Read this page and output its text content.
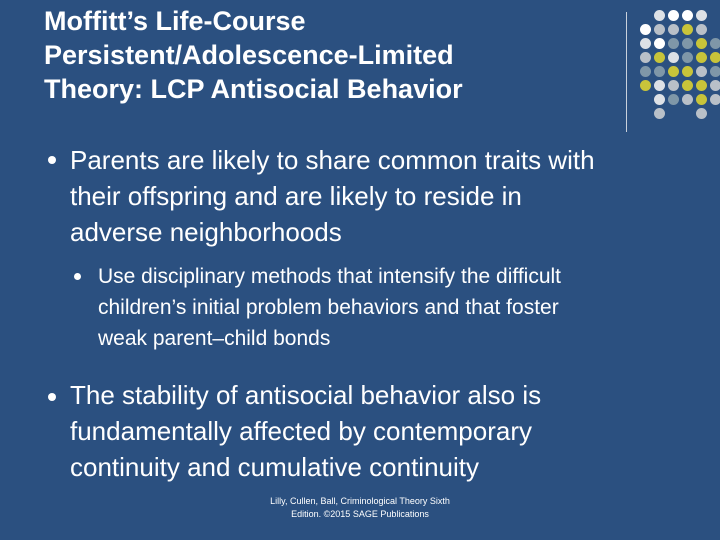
Moffitt’s Life-Course
Persistent/Adolescence-Limited
Theory: LCP Antisocial Behavior
Parents are likely to share common traits with
their offspring and are likely to reside in
adverse neighborhoods
Use disciplinary methods that intensify the difficult
children’s initial problem behaviors and that foster
weak parent–child bonds
The stability of antisocial behavior also is
fundamentally affected by contemporary
continuity and cumulative continuity
Lilly, Cullen, Ball, Criminological Theory Sixth
Edition. ©2015 SAGE Publications
